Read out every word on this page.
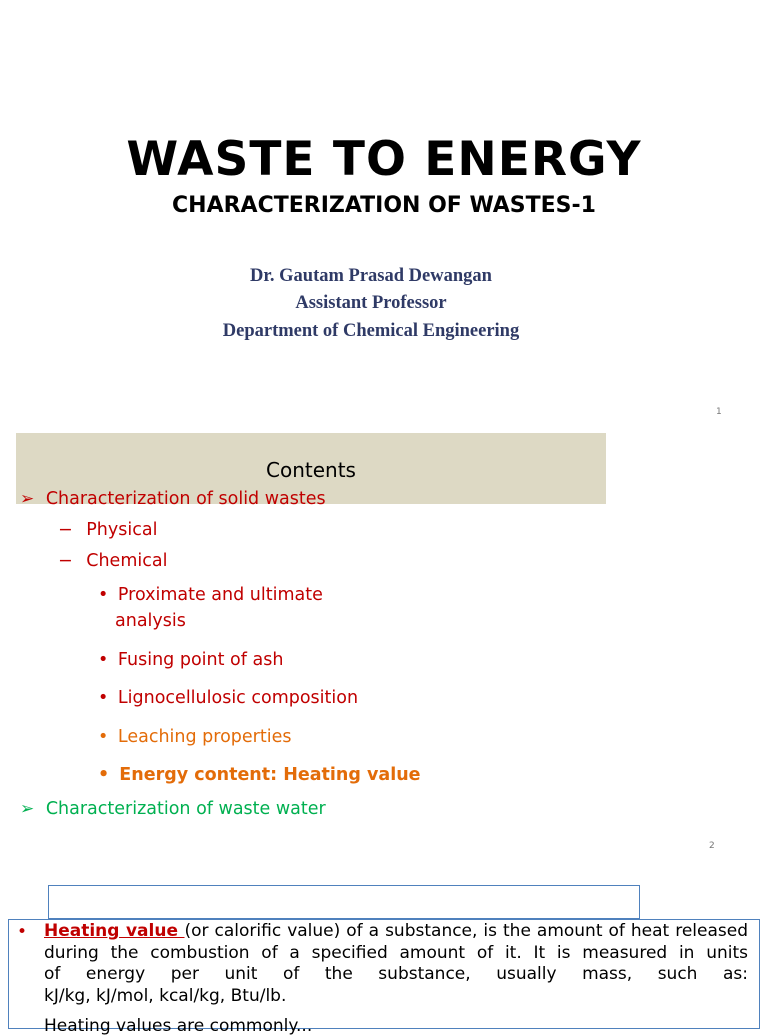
WASTE TO ENERGY
CHARACTERIZATION OF WASTES-1
Dr. Gautam Prasad Dewangan
Assistant Professor
Department of Chemical Engineering
1
Contents
➢ Characterization of solid wastes
− Physical
− Chemical
• Proximate and ultimate
analysis
• Fusing point of ash
• Lignocellulosic composition
• Leaching properties
• Energy content: Heating value
➢ Characterization of waste water
2
• Heating value (or calorific value) of a substance, is the amount of heat released
during the combustion of a specified amount of it. It is measured in units
of energy per unit of the substance, usually mass, such as:
kJ/kg, kJ/mol, kcal/kg, Btu/lb.
Heating values are commonly...
